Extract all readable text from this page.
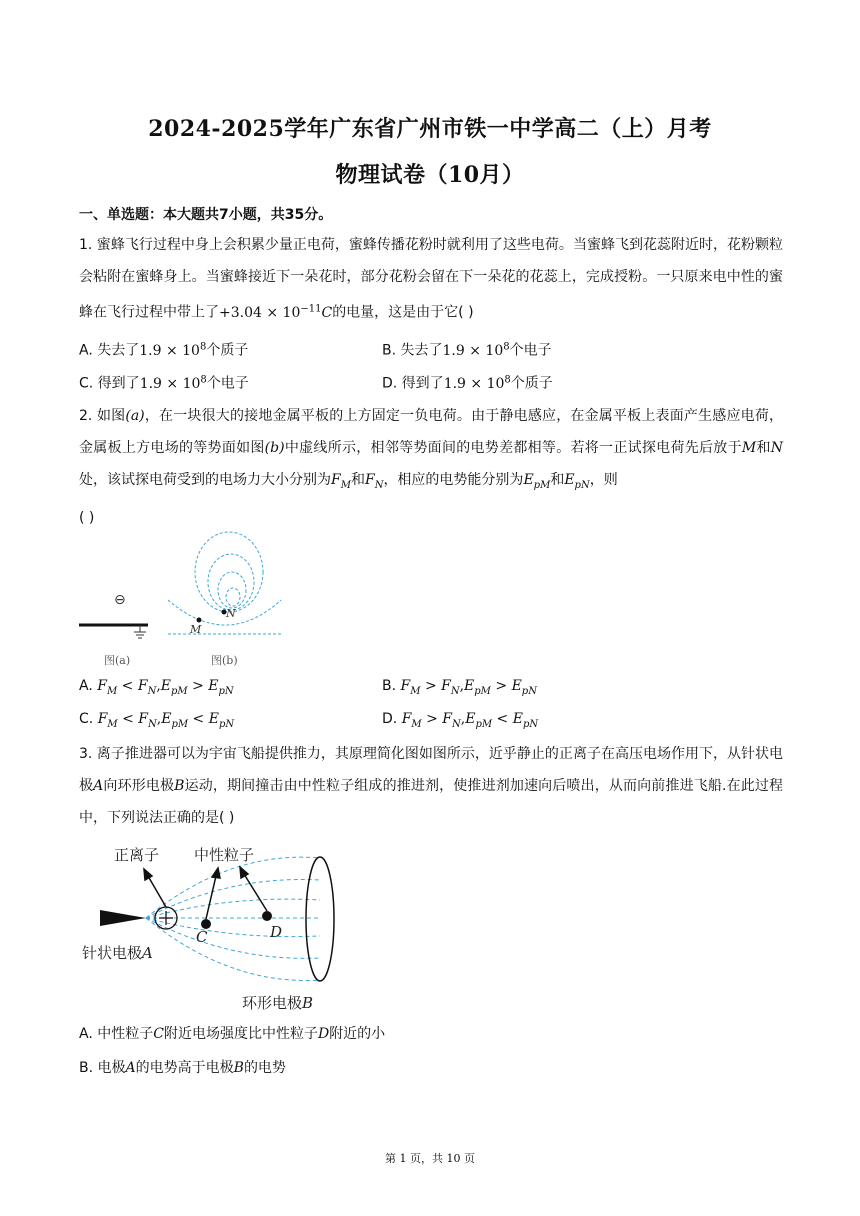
2024-2025学年广东省广州市铁一中学高二（上）月考
物理试卷（10月）
一、单选题：本大题共7小题，共35分。
1. 蜜蜂飞行过程中身上会积累少量正电荷，蜜蜂传播花粉时就利用了这些电荷。当蜜蜂飞到花蕊附近时，花粉颗粒会粘附在蜜蜂身上。当蜜蜂接近下一朵花时，部分花粉会留在下一朵花的花蕊上，完成授粉。一只原来电中性的蜜蜂在飞行过程中带上了$+3.04 \times 10^{-11}C$的电量，这是由于它( )
A. 失去了$1.9 \times 10^8$个质子	B. 失去了$1.9 \times 10^8$个电子
C. 得到了$1.9 \times 10^8$个电子	D. 得到了$1.9 \times 10^8$个质子
2. 如图(a)，在一块很大的接地金属平板的上方固定一负电荷。由于静电感应，在金属平板上表面产生感应电荷，金属板上方电场的等势面如图(b)中虚线所示，相邻等势面间的电势差都相等。若将一正试探电荷先后放于M和N处，该试探电荷受到的电场力大小分别为$F_M$和$F_N$，相应的电势能分别为$E_{pM}$和$E_{pN}$，则
( )
⊖
图(a)
N
M
图(b)
A. $F_M < F_N,E_{pM} > E_{pN}$	B. $F_M > F_N,E_{pM} > E_{pN}$
C. $F_M < F_N,E_{pM} < E_{pN}$	D. $F_M > F_N,E_{pM} < E_{pN}$
3. 离子推进器可以为宇宙飞船提供推力，其原理简化图如图所示，近乎静止的正离子在高压电场作用下，从针状电极A向环形电极B运动，期间撞击由中性粒子组成的推进剂，使推进剂加速向后喷出，从而向前推进飞船.在此过程中，下列说法正确的是( )
正离子 中性粒子
C	D
针状电极A
环形电极B
A. 中性粒子C附近电场强度比中性粒子D附近的小
B. 电极A的电势高于电极B的电势
第 1 页，共 10 页
